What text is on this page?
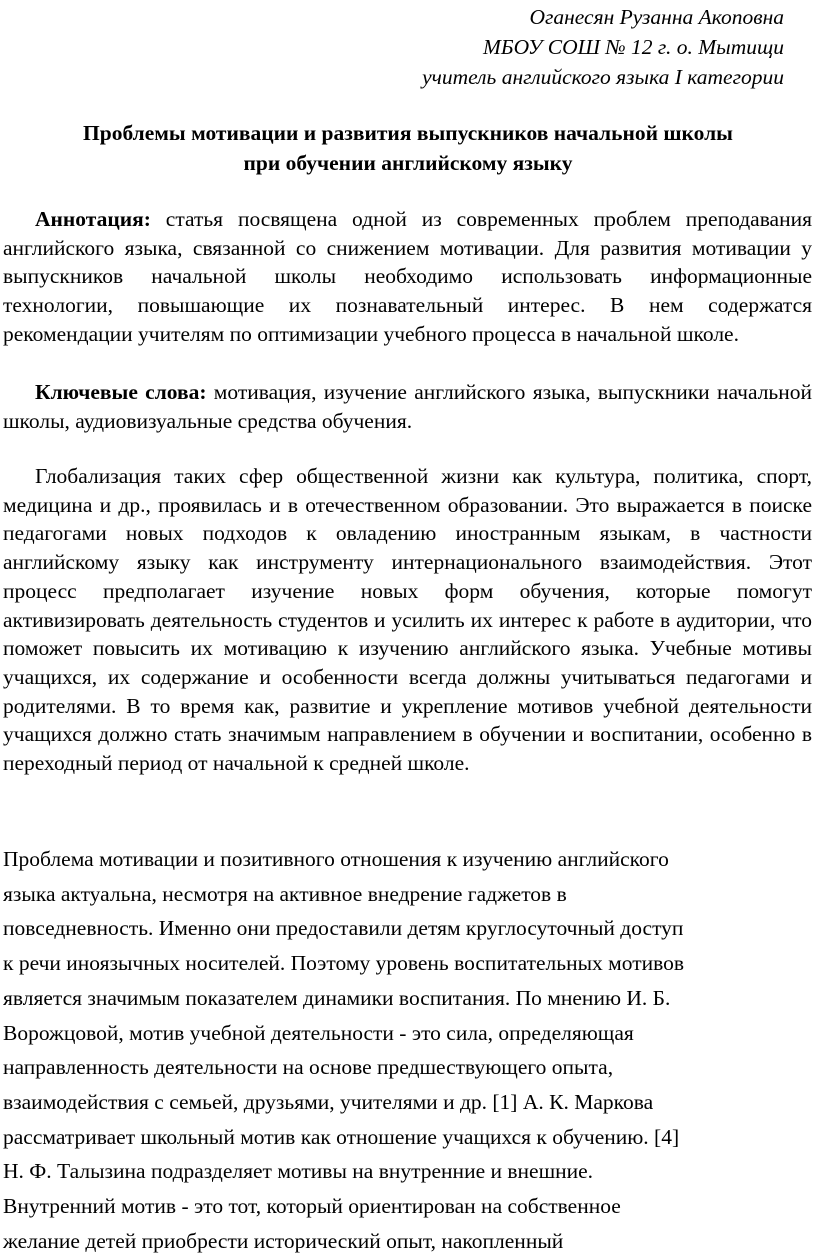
Оганесян Рузанна Акоповна
МБОУ СОШ № 12 г. о. Мытищи
учитель английского языка I категории
Проблемы мотивации и развития выпускников начальной школы
при обучении английскому языку

Аннотация: статья посвящена одной из современных проблем преподавания английского языка, связанной со снижением мотивации. Для развития мотивации у выпускников начальной школы необходимо использовать информационные технологии, повышающие их познавательный интерес. В нем содержатся рекомендации учителям по оптимизации учебного процесса в начальной школе.

Ключевые слова: мотивация, изучение английского языка, выпускники начальной школы, аудиовизуальные средства обучения.

Глобализация таких сфер общественной жизни как культура, политика, спорт, медицина и др., проявилась и в отечественном образовании. Это выражается в поиске педагогами новых подходов к овладению иностранным языкам, в частности английскому языку как инструменту интернационального взаимодействия. Этот процесс предполагает изучение новых форм обучения, которые помогут активизировать деятельность студентов и усилить их интерес к работе в аудитории, что поможет повысить их мотивацию к изучению английского языка. Учебные мотивы учащихся, их содержание и особенности всегда должны учитываться педагогами и родителями. В то время как, развитие и укрепление мотивов учебной деятельности учащихся должно стать значимым направлением в обучении и воспитании, особенно в переходный период от начальной к средней школе.

Проблема мотивации и позитивного отношения к изучению английского

языка актуальна, несмотря на активное внедрение гаджетов в

повседневность. Именно они предоставили детям круглосуточный доступ

к речи иноязычных носителей. Поэтому уровень воспитательных мотивов

является значимым показателем динамики воспитания. По мнению И. Б.

Ворожцовой, мотив учебной деятельности - это сила, определяющая

направленность деятельности на основе предшествующего опыта,

взаимодействия с семьей, друзьями, учителями и др. [1] А. К. Маркова

рассматривает школьный мотив как отношение учащихся к обучению. [4]

Н. Ф. Талызина подразделяет мотивы на внутренние и внешние.

Внутренний мотив - это тот, который ориентирован на собственное

желание детей приобрести исторический опыт, накопленный
